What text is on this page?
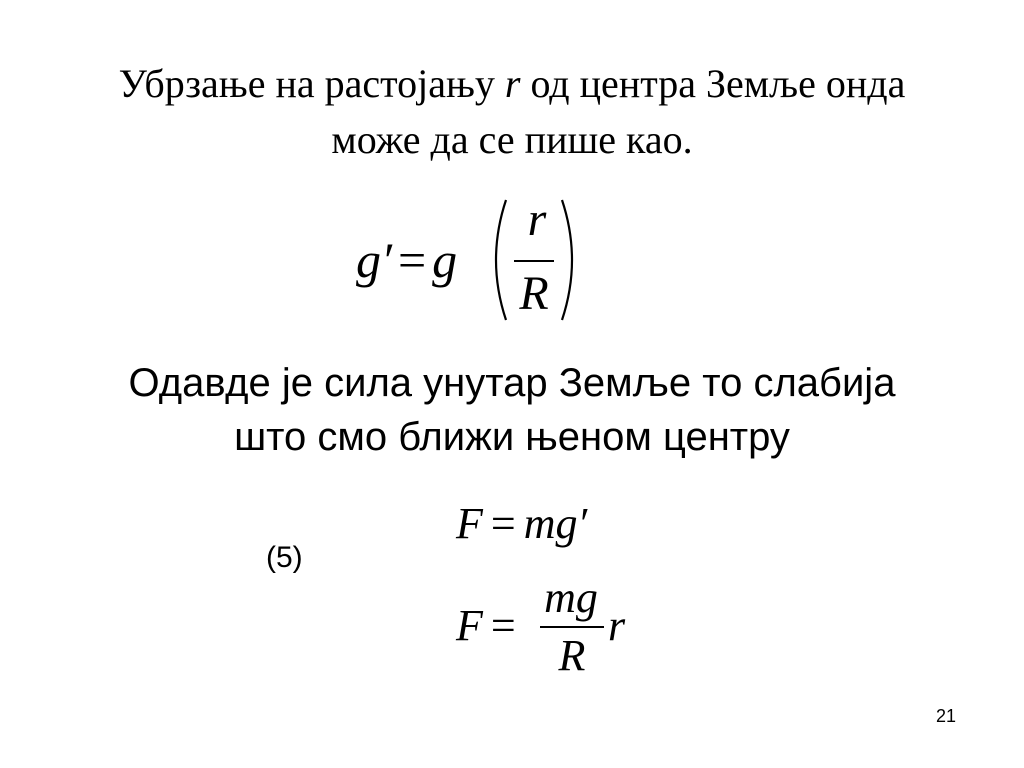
Убрзање на растојању r од центра Земље онда
може да се пише као.
g′ = g
r
R
Одавде је сила унутар Земље то слабија
што смо ближи њеном центру
(5)
F = mg′
F =
mg
R
r
21
